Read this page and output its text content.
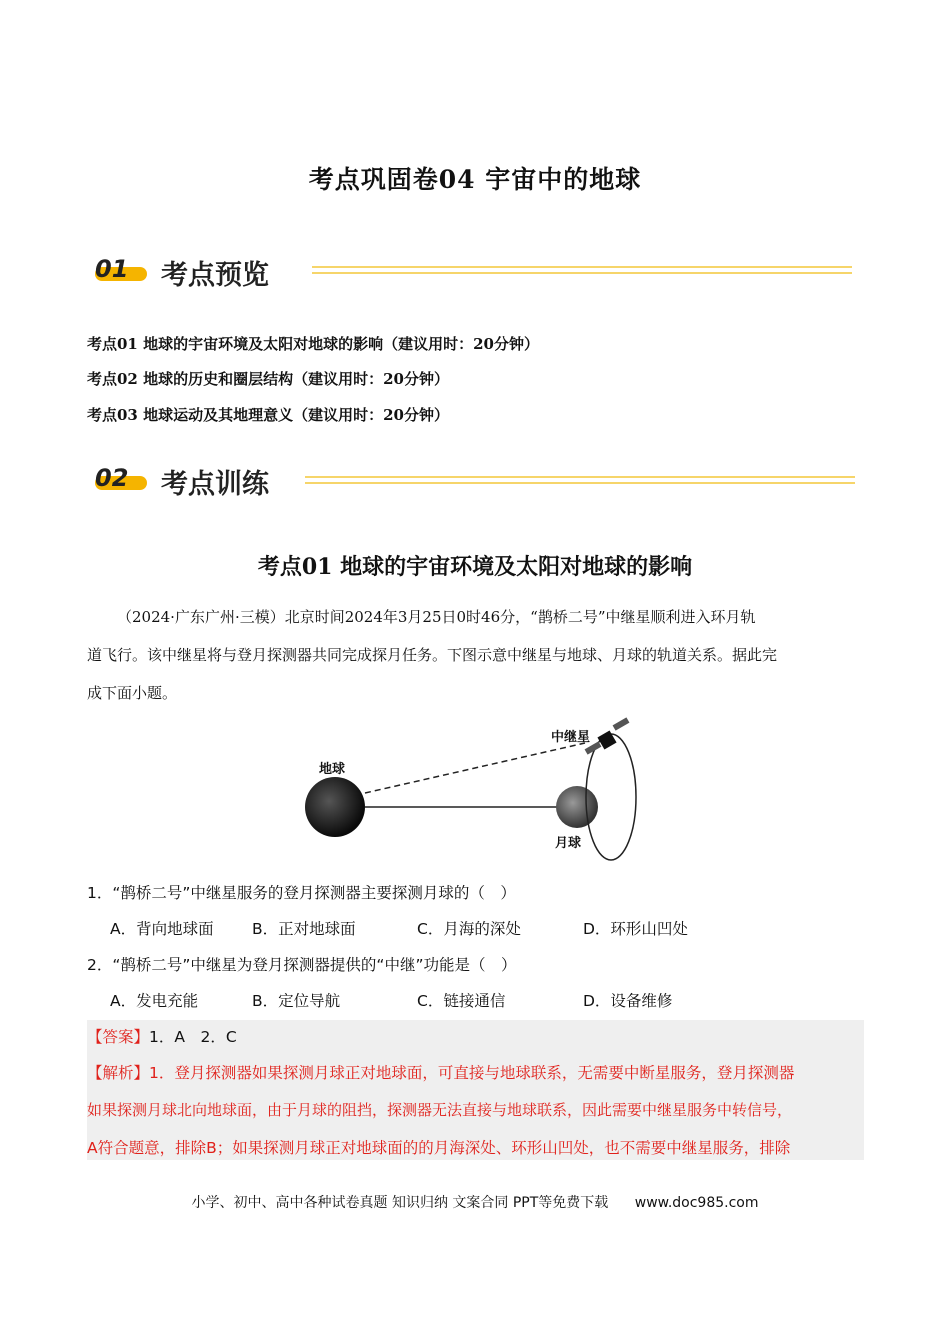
考点巩固卷04 宇宙中的地球
01 考点预览
考点01 地球的宇宙环境及太阳对地球的影响（建议用时：20分钟）
考点02 地球的历史和圈层结构（建议用时：20分钟）
考点03 地球运动及其地理意义（建议用时：20分钟）
02 考点训练
考点01 地球的宇宙环境及太阳对地球的影响
（2024·广东广州·三模）北京时间2024年3月25日0时46分，“鹊桥二号”中继星顺利进入环月轨
道飞行。该中继星将与登月探测器共同完成探月任务。下图示意中继星与地球、月球的轨道关系。据此完
成下面小题。
地球
月球
中继星
1．“鹊桥二号”中继星服务的登月探测器主要探测月球的（　）
A．背向地球面 B．正对地球面	C．月海的深处	D．环形山凹处
2．“鹊桥二号”中继星为登月探测器提供的“中继”功能是（　）
A．发电充能	B．定位导航	C．链接通信	D．设备维修
【答案】1．A　2．C
【解析】1．登月探测器如果探测月球正对地球面，可直接与地球联系，无需要中断星服务，登月探测器
如果探测月球北向地球面，由于月球的阻挡，探测器无法直接与地球联系，因此需要中继星服务中转信号，
A符合题意，排除B；如果探测月球正对地球面的的月海深处、环形山凹处，也不需要中继星服务，排除
小学、初中、高中各种试卷真题 知识归纳 文案合同 PPT等免费下载 www.doc985.com
